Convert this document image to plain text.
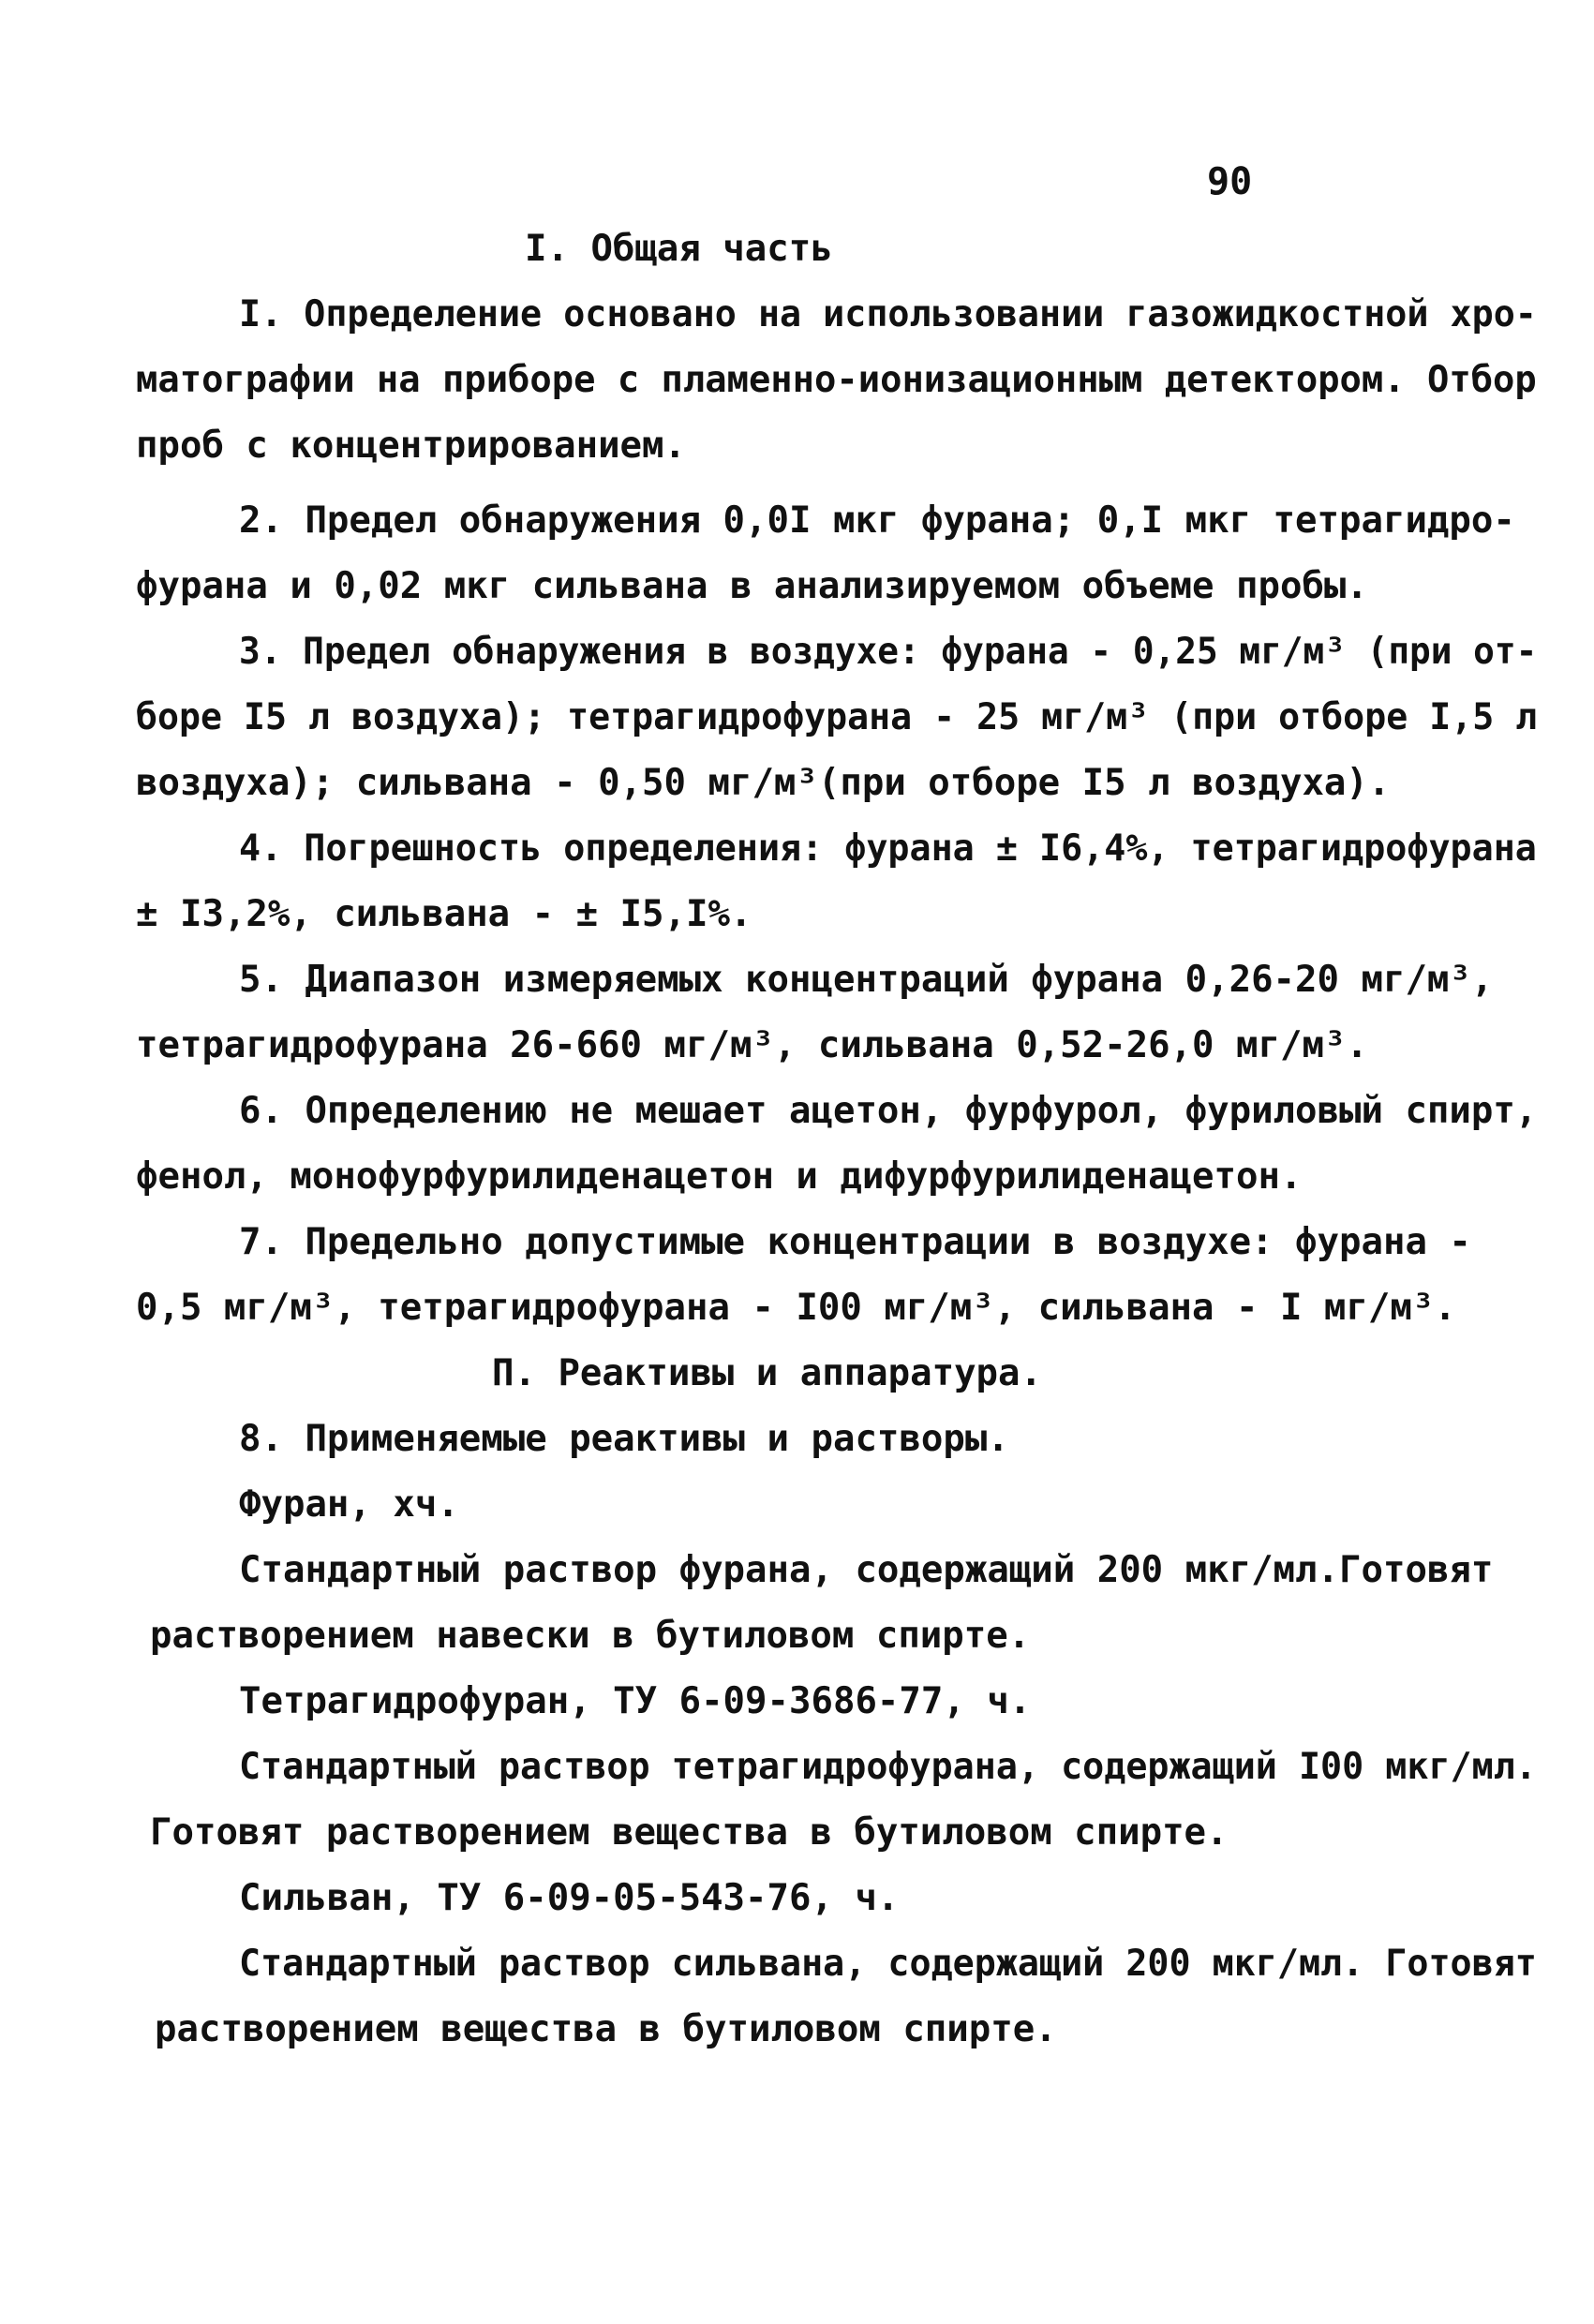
90
I. Общая часть
I. Определение основано на использовании газожидкостной хро-
матографии на приборе с пламенно-ионизационным детектором. Отбор
проб с концентрированием.
2. Предел обнаружения 0,0I мкг фурана; 0,I мкг тетрагидро-
фурана и 0,02 мкг сильвана в анализируемом объеме пробы.
3. Предел обнаружения в воздухе: фурана - 0,25 мг/м³ (при от-
боре I5 л воздуха); тетрагидрофурана - 25 мг/м³ (при отборе I,5 л
воздуха); сильвана - 0,50 мг/м³(при отборе I5 л воздуха).
4. Погрешность определения: фурана ± I6,4%, тетрагидрофурана
± I3,2%, сильвана - ± I5,I%.
5. Диапазон измеряемых концентраций фурана 0,26-20 мг/м³,
тетрагидрофурана 26-660 мг/м³, сильвана 0,52-26,0 мг/м³.
6. Определению не мешает ацетон, фурфурол, фуриловый спирт,
фенол, монофурфурилиденацетон и дифурфурилиденацетон.
7. Предельно допустимые концентрации в воздухе: фурана -
0,5 мг/м³, тетрагидрофурана - I00 мг/м³, сильвана - I мг/м³.
П. Реактивы и аппаратура.
8. Применяемые реактивы и растворы.
Фуран, хч.
Стандартный раствор фурана, содержащий 200 мкг/мл.Готовят
растворением навески в бутиловом спирте.
Тетрагидрофуран, ТУ 6-09-3686-77, ч.
Стандартный раствор тетрагидрофурана, содержащий I00 мкг/мл.
Готовят растворением вещества в бутиловом спирте.
Сильван, ТУ 6-09-05-543-76, ч.
Стандартный раствор сильвана, содержащий 200 мкг/мл. Готовят
растворением вещества в бутиловом спирте.
